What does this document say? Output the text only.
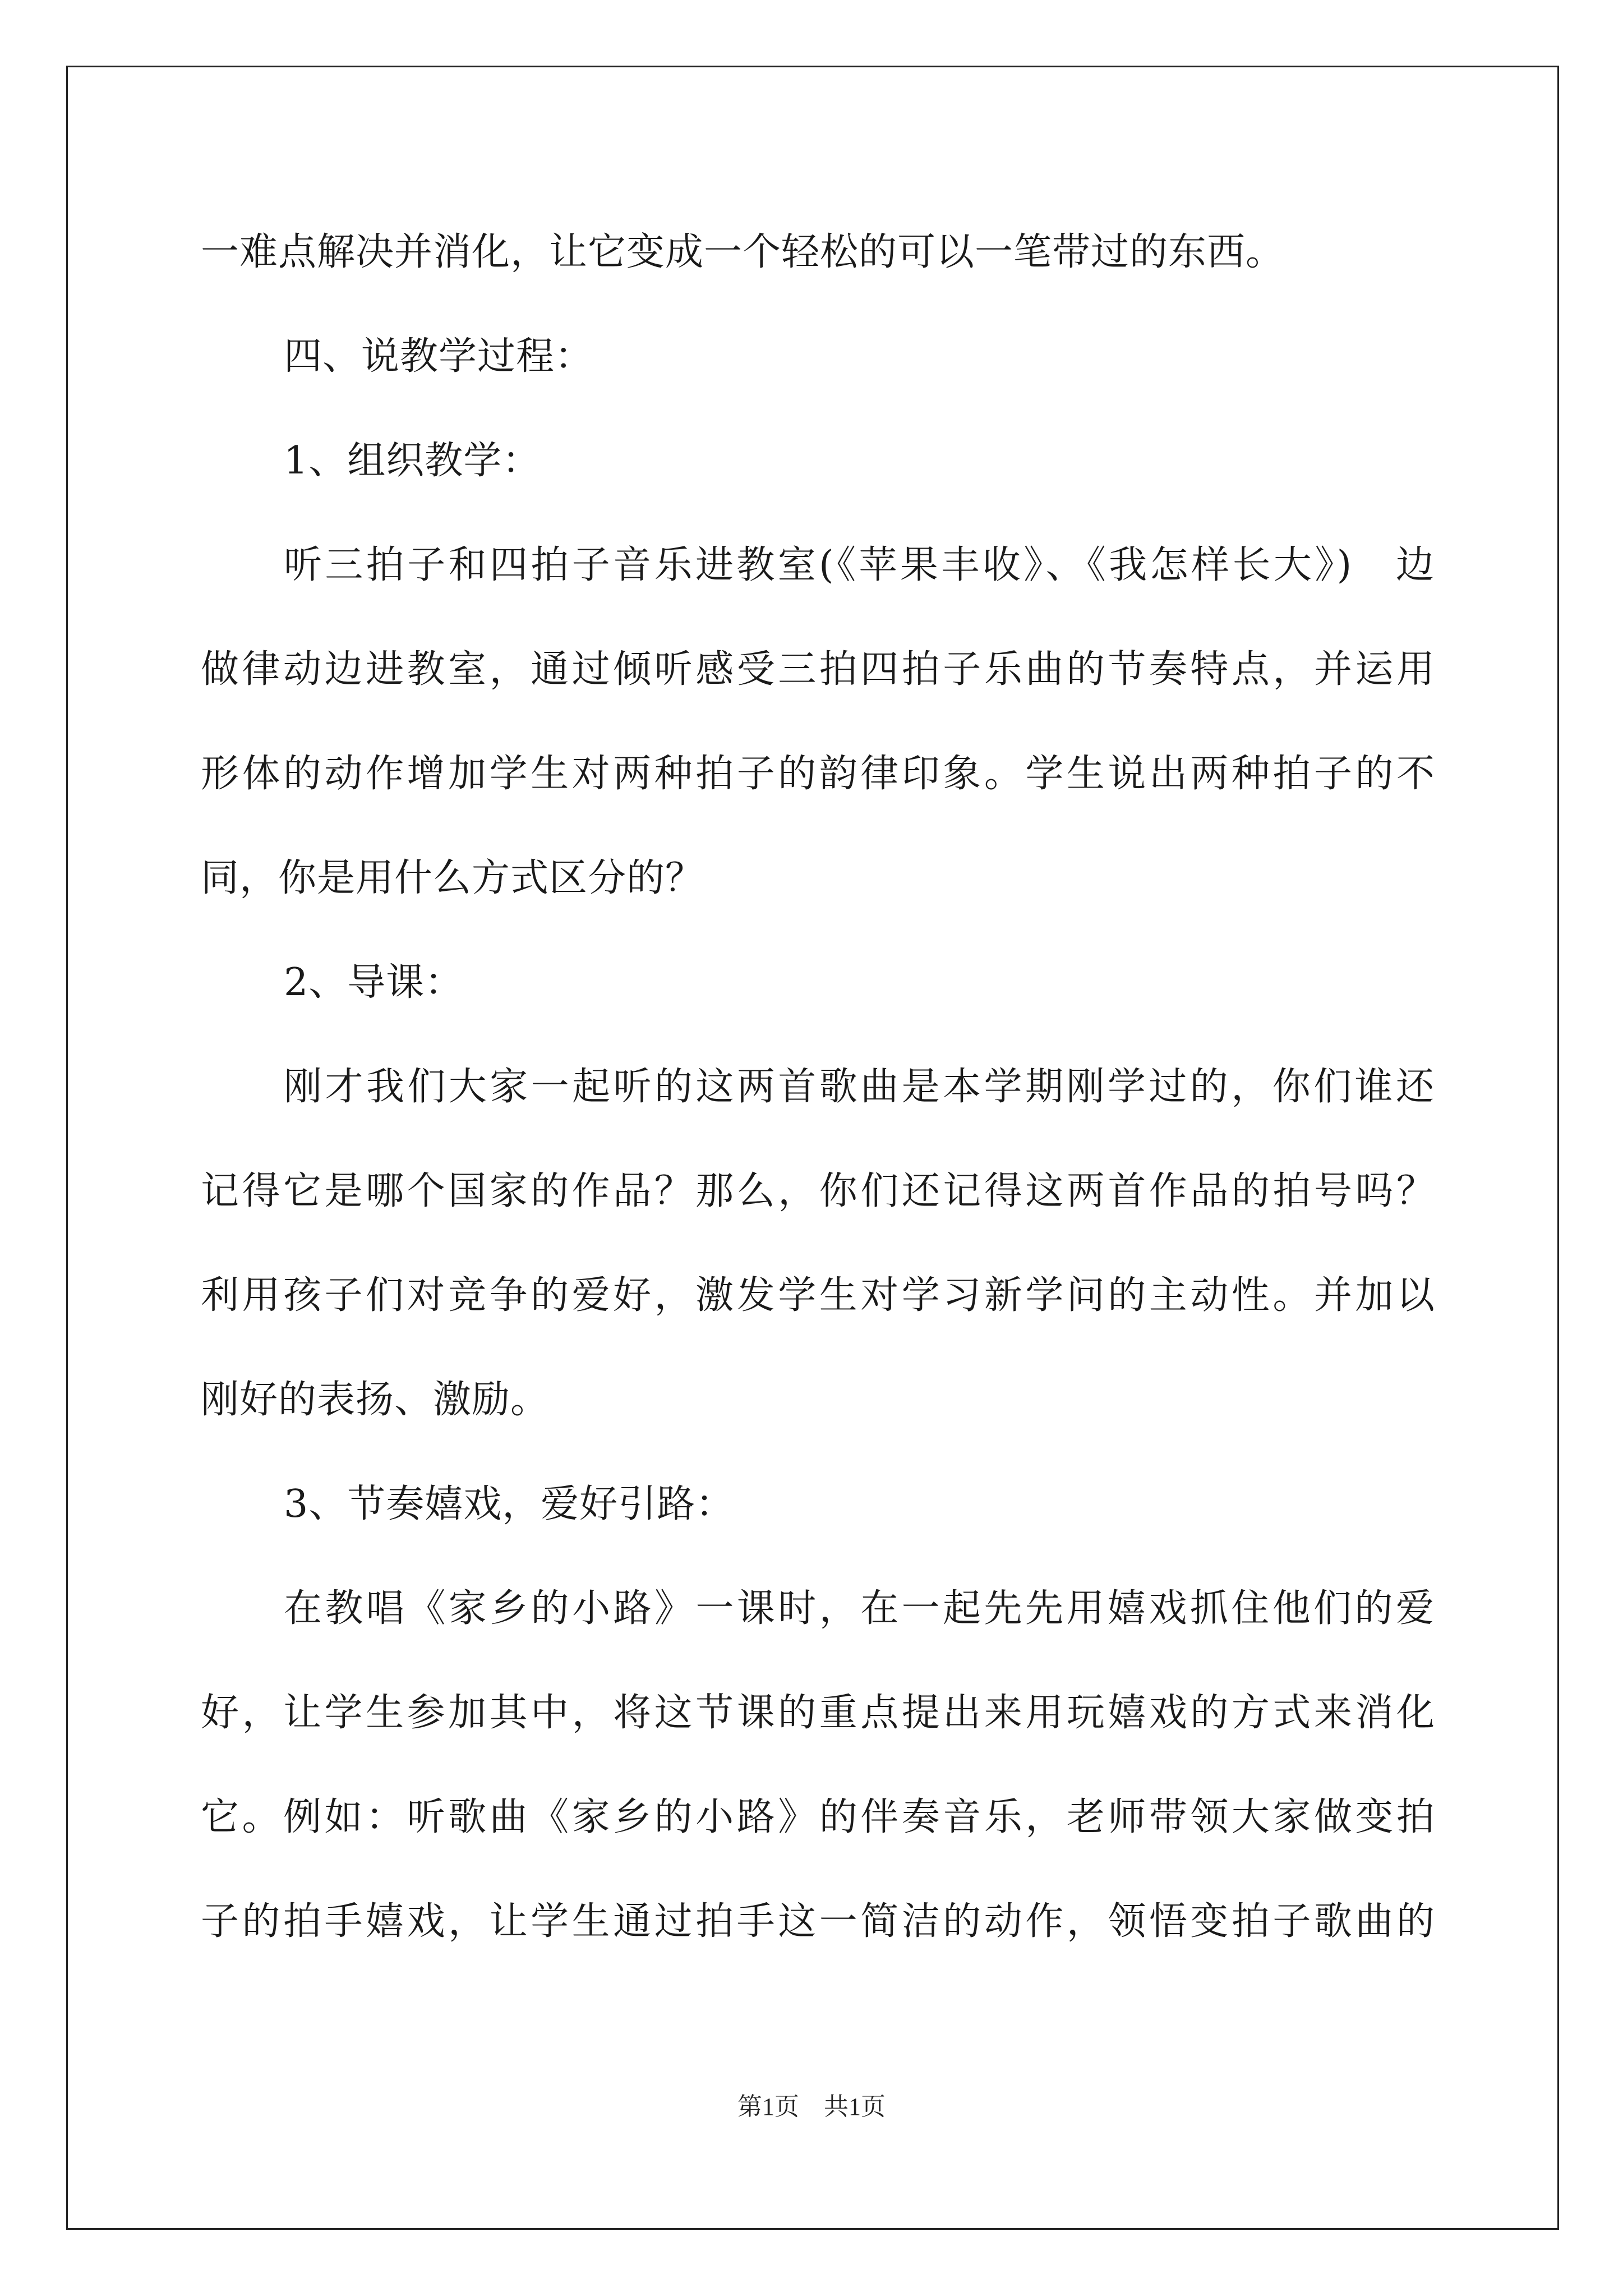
一难点解决并消化，让它变成一个轻松的可以一笔带过的东西。
四、说教学过程：
1、组织教学：
听三拍子和四拍子音乐进教室(《苹果丰收》、《我怎样长大》)　边
做律动边进教室，通过倾听感受三拍四拍子乐曲的节奏特点，并运用
形体的动作增加学生对两种拍子的韵律印象。学生说出两种拍子的不
同，你是用什么方式区分的？
2、导课：
刚才我们大家一起听的这两首歌曲是本学期刚学过的，你们谁还
记得它是哪个国家的作品？那么，你们还记得这两首作品的拍号吗？
利用孩子们对竞争的爱好，激发学生对学习新学问的主动性。并加以
刚好的表扬、激励。
3、节奏嬉戏，爱好引路：
在教唱《家乡的小路》一课时，在一起先先用嬉戏抓住他们的爱
好，让学生参加其中，将这节课的重点提出来用玩嬉戏的方式来消化
它。例如：听歌曲《家乡的小路》的伴奏音乐，老师带领大家做变拍
子的拍手嬉戏，让学生通过拍手这一简洁的动作，领悟变拍子歌曲的
第1页　共1页
